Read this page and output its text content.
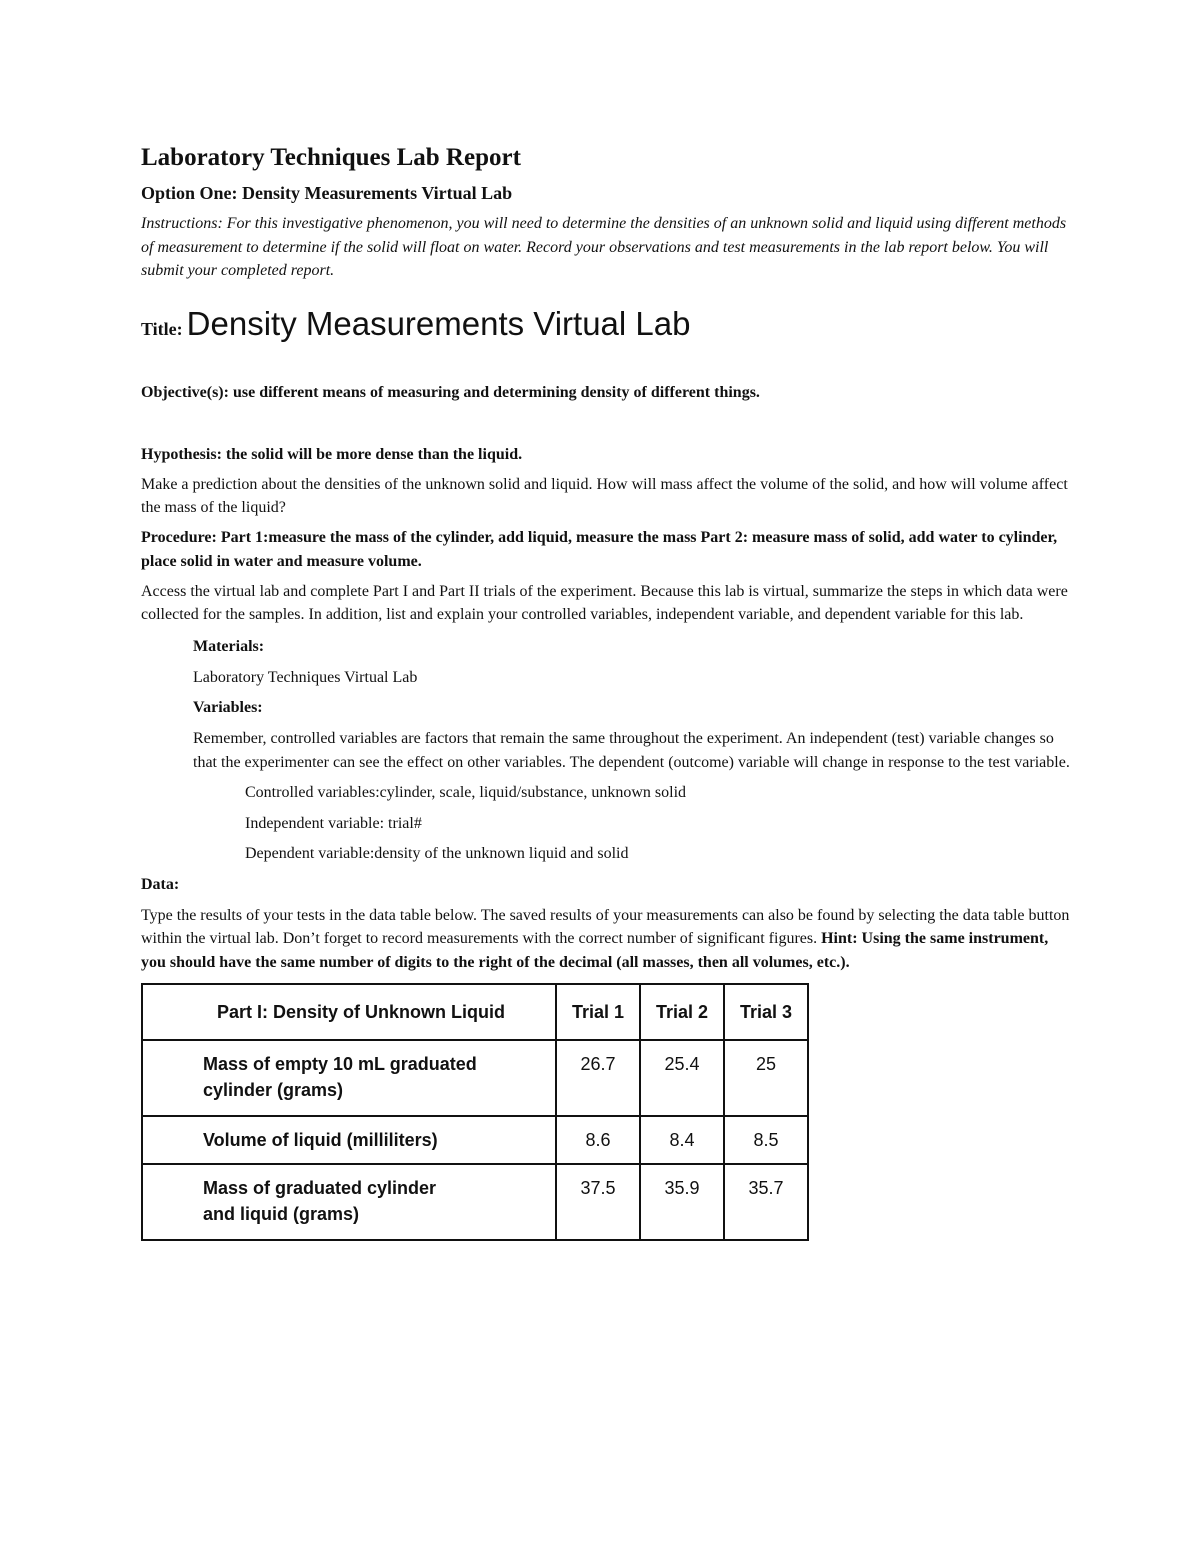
Laboratory Techniques Lab Report
Option One: Density Measurements Virtual Lab
Instructions: For this investigative phenomenon, you will need to determine the densities of an unknown solid and liquid using different methods of measurement to determine if the solid will float on water. Record your observations and test measurements in the lab report below. You will submit your completed report.
Title: Density Measurements Virtual Lab
Objective(s): use different means of measuring and determining density of different things.
Hypothesis: the solid will be more dense than the liquid.
Make a prediction about the densities of the unknown solid and liquid. How will mass affect the volume of the solid, and how will volume affect the mass of the liquid?
Procedure: Part 1:measure the mass of the cylinder, add liquid, measure the mass Part 2: measure mass of solid, add water to cylinder, place solid in water and measure volume.
Access the virtual lab and complete Part I and Part II trials of the experiment. Because this lab is virtual, summarize the steps in which data were collected for the samples. In addition, list and explain your controlled variables, independent variable, and dependent variable for this lab.
Materials:
Laboratory Techniques Virtual Lab
Variables:
Remember, controlled variables are factors that remain the same throughout the experiment. An independent (test) variable changes so that the experimenter can see the effect on other variables. The dependent (outcome) variable will change in response to the test variable.
Controlled variables:cylinder, scale, liquid/substance, unknown solid
Independent variable: trial#
Dependent variable:density of the unknown liquid and solid
Data:
Type the results of your tests in the data table below. The saved results of your measurements can also be found by selecting the data table button within the virtual lab. Don’t forget to record measurements with the correct number of significant figures. Hint: Using the same instrument, you should have the same number of digits to the right of the decimal (all masses, then all volumes, etc.).
Part I: Density of Unknown Liquid	Trial 1	Trial 2	Trial 3

Mass of empty 10 mL graduated
cylinder (grams)	26.7	25.4	25

Volume of liquid (milliliters)	8.6	8.4	8.5

Mass of graduated cylinder
and liquid (grams)	37.5	35.9	35.7
